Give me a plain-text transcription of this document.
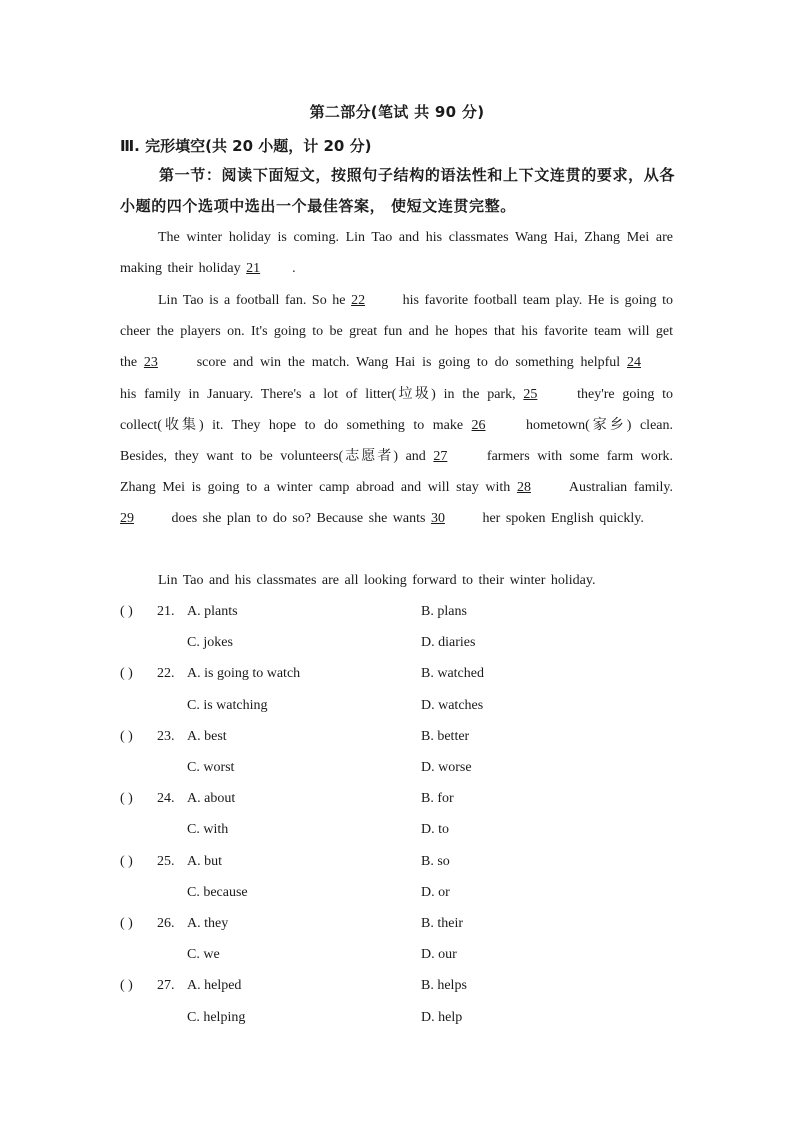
第二部分(笔试 共 90 分)
Ⅲ. 完形填空(共 20 小题，计 20 分)
第一节：阅读下面短文，按照句子结构的语法性和上下文连贯的要求，从各小题的四个选项中选出一个最佳答案， 使短文连贯完整。
The winter holiday is coming. Lin Tao and his classmates Wang Hai, Zhang Mei are making their holiday 21 .
Lin Tao is a football fan. So he 22 his favorite football team play. He is going to cheer the players on. It's going to be great fun and he hopes that his favorite team will get the 23 score and win the match. Wang Hai is going to do something helpful 24 his family in January. There's a lot of litter(垃圾) in the park, 25 they're going to collect(收集) it. They hope to do something to make 26 hometown(家乡) clean. Besides, they want to be volunteers(志愿者) and 27 farmers with some farm work. Zhang Mei is going to a winter camp abroad and will stay with 28 Australian family. 29 does she plan to do so? Because she wants 30 her spoken English quickly.
Lin Tao and his classmates are all looking forward to their winter holiday.
( ) 21. A. plants	B. plans
C. jokes	D. diaries
( ) 22. A. is going to watch	B. watched
C. is watching	D. watches
( ) 23. A. best	B. better
C. worst	D. worse
( ) 24. A. about	B. for
C. with	D. to
( ) 25. A. but	B. so
C. because	D. or
( ) 26. A. they	B. their
C. we	D. our
( ) 27. A. helped	B. helps
C. helping	D. help
